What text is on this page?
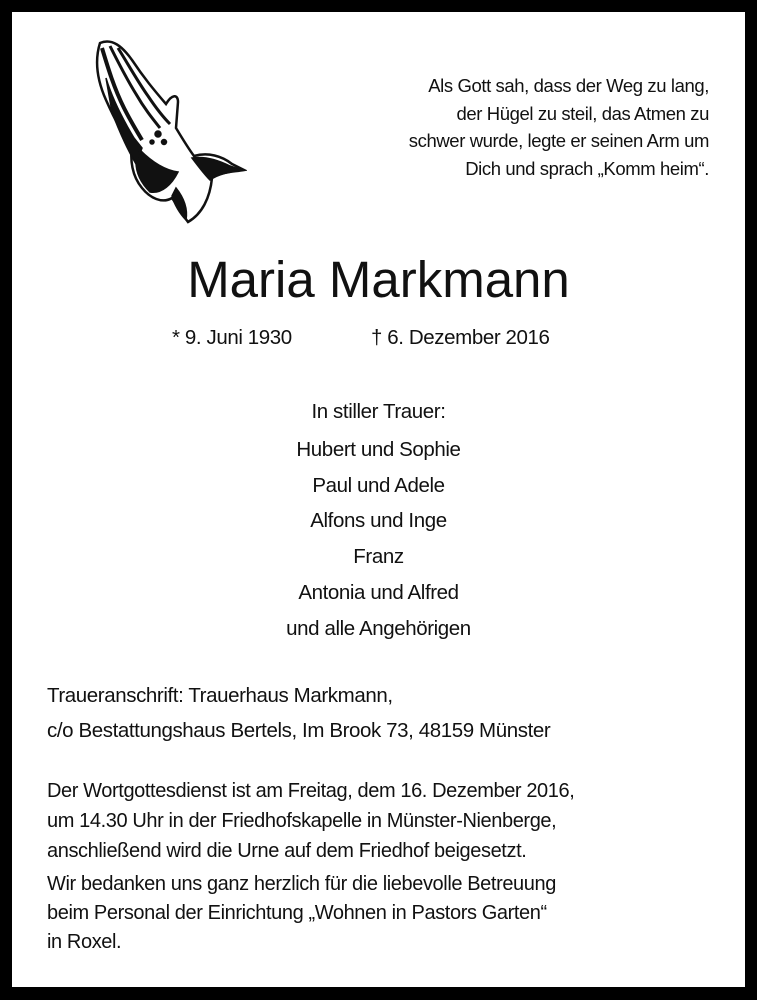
Als Gott sah, dass der Weg zu lang,
der Hügel zu steil, das Atmen zu
schwer wurde, legte er seinen Arm um
Dich und sprach „Komm heim“.
Maria Markmann
* 9. Juni 1930	† 6. Dezember 2016
In stiller Trauer:
Hubert und Sophie
Paul und Adele
Alfons und Inge
Franz
Antonia und Alfred
und alle Angehörigen
Traueranschrift: Trauerhaus Markmann,
c/o Bestattungshaus Bertels, Im Brook 73, 48159 Münster
Der Wortgottesdienst ist am Freitag, dem 16. Dezember 2016,
um 14.30 Uhr in der Friedhofskapelle in Münster-Nienberge,
anschließend wird die Urne auf dem Friedhof beigesetzt.
Wir bedanken uns ganz herzlich für die liebevolle Betreuung
beim Personal der Einrichtung „Wohnen in Pastors Garten“
in Roxel.
